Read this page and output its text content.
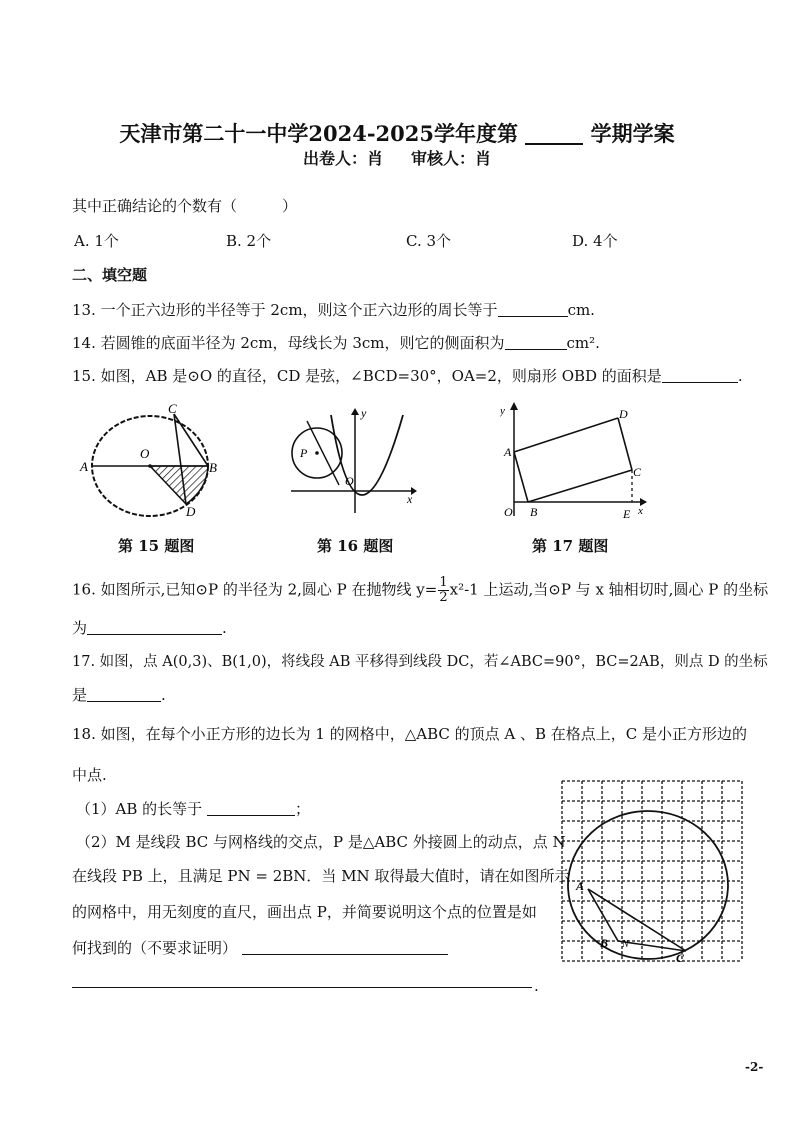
天津市第二十一中学2024-2025学年度第	学期学案
出卷人：肖 审核人：肖
其中正确结论的个数有（　　　）
A. 1个	B. 2个	C. 3个	D. 4个
二、填空题
13. 一个正六边形的半径等于 2cm，则这个正六边形的周长等于	cm.
14. 若圆锥的底面半径为 2cm，母线长为 3cm，则它的侧面积为	cm².
15. 如图，AB 是⊙O 的直径，CD 是弦，∠BCD=30°，OA=2，则扇形 OBD 的面积是	.
A	B
C
D
O
第 15 题图
P
O
x
y
第 16 题图
A
B
C
D
E
O	x
y
第 17 题图
16. 如图所示,已知⊙P 的半径为 2,圆心 P 在抛物线 $y= \frac{1}{2} x^2-1$ 上运动,当⊙P 与 x 轴相切时,圆心 P 的坐标
为	.
17. 如图，点 A(0,3)、B(1,0)，将线段 AB 平移得到线段 DC，若∠ABC=90°，BC=2AB，则点 D 的坐标
是	.
18. 如图，在每个小正方形的边长为 1 的网格中，△ABC 的顶点 A 、B 在格点上，C 是小正方形边的
中点.
（1）AB 的长等于	；
（2）M 是线段 BC 与网格线的交点，P 是△ABC 外接圆上的动点，点 N
在线段 PB 上，且满足 PN = 2BN．当 MN 取得最大值时，请在如图所示
的网格中，用无刻度的直尺，画出点 P，并简要说明这个点的位置是如
何找到的（不要求证明）
.
A
B
C
N
-2-
